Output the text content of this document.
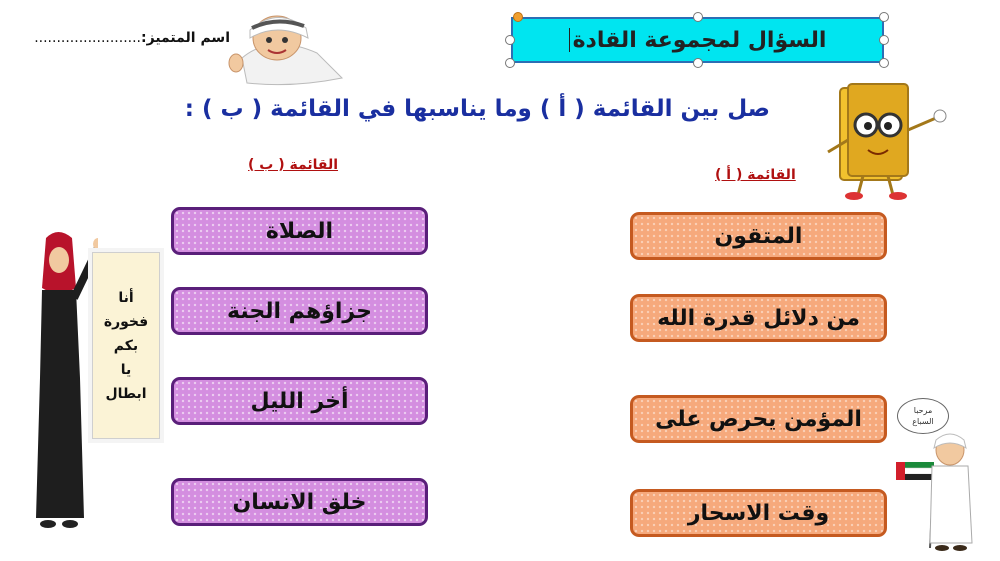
السؤال لمجموعة القادة
اسم المتميز:........................
صل بين القائمة ( أ ) وما يناسبها في القائمة ( ب ) :
القائمة ( ب )
القائمة ( أ )
الصلاة
جزاؤهم الجنة
أخر الليل
خلق الانسان
المتقون
من دلائل قدرة الله
المؤمن يحرص على
وقت الاسحار
أنا
فخورة
بكم
يا
ابطال
مرحبا
السباع
